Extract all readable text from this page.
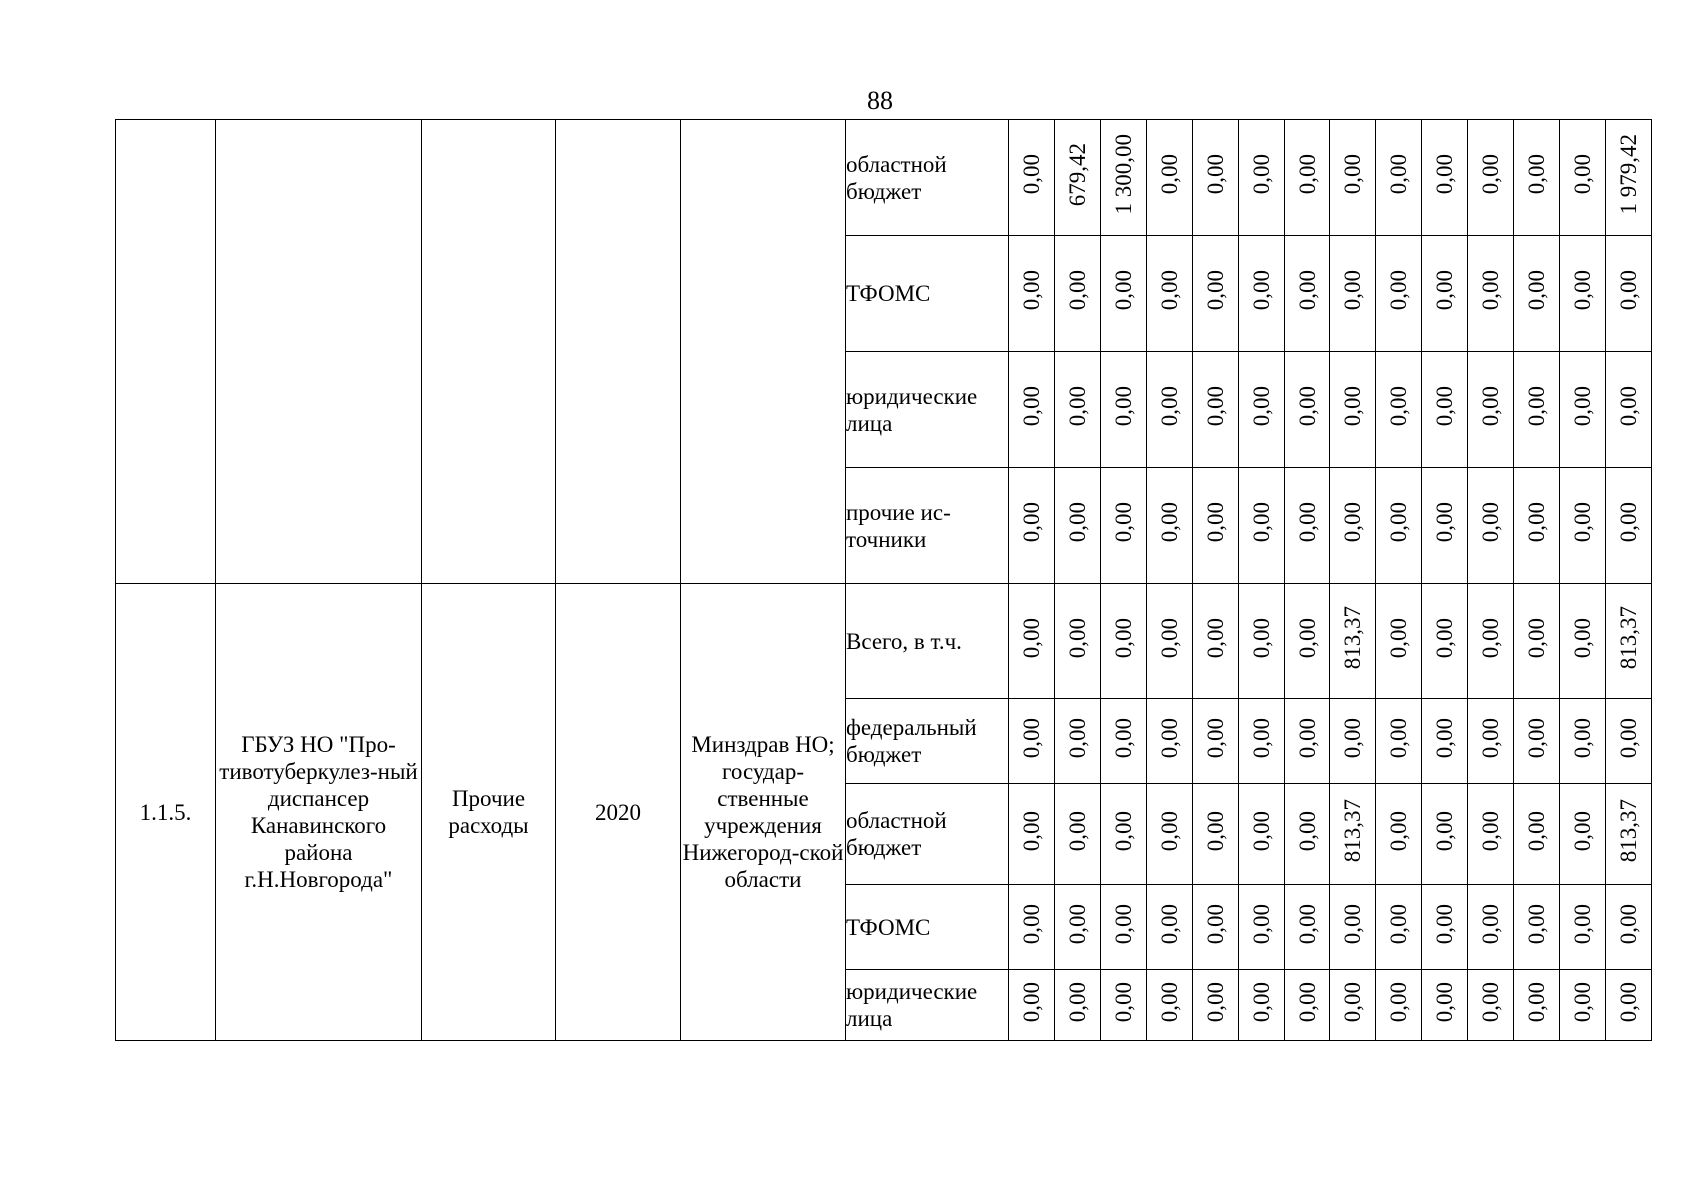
88
					областной бюджет	0,00	679,42	1 300,00	0,00	0,00	0,00	0,00	0,00	0,00	0,00	0,00	0,00	0,00	1 979,42
					ТФОМС	0,00	0,00	0,00	0,00	0,00	0,00	0,00	0,00	0,00	0,00	0,00	0,00	0,00	0,00
					юридические лица	0,00	0,00	0,00	0,00	0,00	0,00	0,00	0,00	0,00	0,00	0,00	0,00	0,00	0,00
					прочие ис-точники	0,00	0,00	0,00	0,00	0,00	0,00	0,00	0,00	0,00	0,00	0,00	0,00	0,00	0,00
1.1.5.	ГБУЗ НО "Про-тивотуберкулез-ный диспансер Канавинского района г.Н.Новгорода"	Прочие расходы	2020	Минздрав НО; государ-ственные учреждения Нижегород-ской области	Всего, в т.ч.	0,00	0,00	0,00	0,00	0,00	0,00	0,00	813,37	0,00	0,00	0,00	0,00	0,00	813,37
					федеральный бюджет	0,00	0,00	0,00	0,00	0,00	0,00	0,00	0,00	0,00	0,00	0,00	0,00	0,00	0,00
					областной бюджет	0,00	0,00	0,00	0,00	0,00	0,00	0,00	813,37	0,00	0,00	0,00	0,00	0,00	813,37
					ТФОМС	0,00	0,00	0,00	0,00	0,00	0,00	0,00	0,00	0,00	0,00	0,00	0,00	0,00	0,00
					юридические лица	0,00	0,00	0,00	0,00	0,00	0,00	0,00	0,00	0,00	0,00	0,00	0,00	0,00	0,00
